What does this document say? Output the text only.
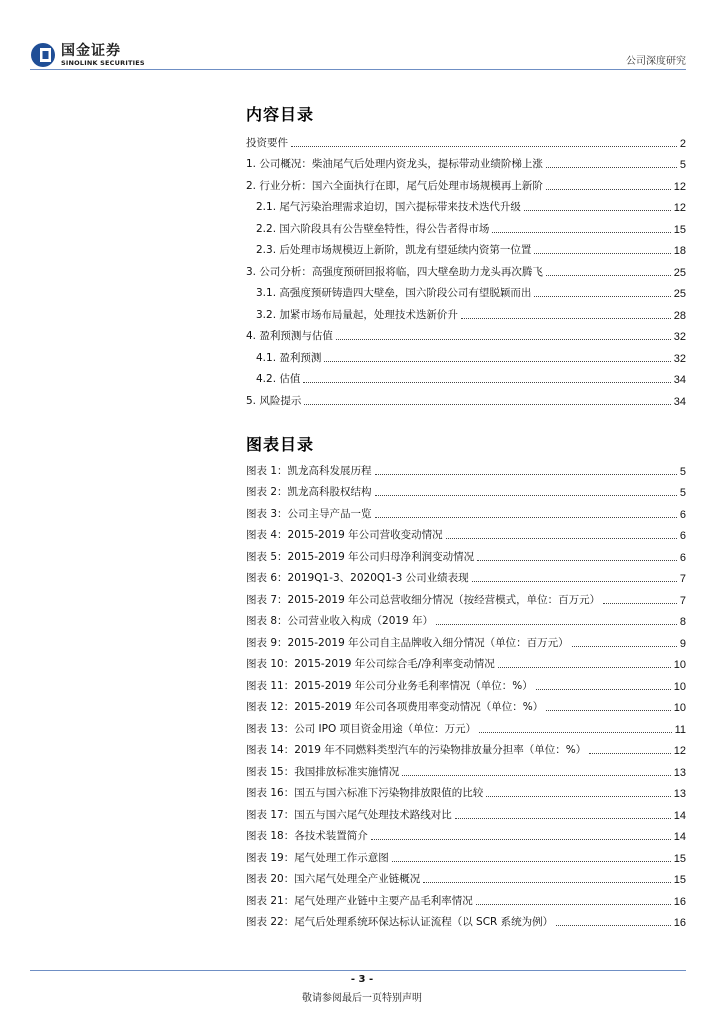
国金证券
SINOLINK SECURITIES	公司深度研究
内容目录
投资要件	2
1. 公司概况：柴油尾气后处理内资龙头，提标带动业绩阶梯上涨	5
2. 行业分析：国六全面执行在即，尾气后处理市场规模再上新阶	12
2.1. 尾气污染治理需求迫切，国六提标带来技术迭代升级	12
2.2. 国六阶段具有公告壁垒特性，得公告者得市场	15
2.3. 后处理市场规模迈上新阶，凯龙有望延续内资第一位置	18
3. 公司分析：高强度预研回报将临，四大壁垒助力龙头再次腾飞	25
3.1. 高强度预研铸造四大壁垒，国六阶段公司有望脱颖而出	25
3.2. 加紧市场布局量起，处理技术迭新价升	28
4. 盈利预测与估值	32
4.1. 盈利预测	32
4.2. 估值	34
5. 风险提示	34
图表目录
图表 1：凯龙高科发展历程	5
图表 2：凯龙高科股权结构	5
图表 3：公司主导产品一览	6
图表 4：2015-2019 年公司营收变动情况	6
图表 5：2015-2019 年公司归母净利润变动情况	6
图表 6：2019Q1-3、2020Q1-3 公司业绩表现	7
图表 7：2015-2019 年公司总营收细分情况（按经营模式，单位：百万元）	7
图表 8：公司营业收入构成（2019 年）	8
图表 9：2015-2019 年公司自主品牌收入细分情况（单位：百万元）	9
图表 10：2015-2019 年公司综合毛/净利率变动情况	10
图表 11：2015-2019 年公司分业务毛利率情况（单位：%）	10
图表 12：2015-2019 年公司各项费用率变动情况（单位：%）	10
图表 13：公司 IPO 项目资金用途（单位：万元）	11
图表 14：2019 年不同燃料类型汽车的污染物排放量分担率（单位：%）	12
图表 15：我国排放标准实施情况	13
图表 16：国五与国六标准下污染物排放限值的比较	13
图表 17：国五与国六尾气处理技术路线对比	14
图表 18：各技术装置简介	14
图表 19：尾气处理工作示意图	15
图表 20：国六尾气处理全产业链概况	15
图表 21：尾气处理产业链中主要产品毛利率情况	16
图表 22：尾气后处理系统环保达标认证流程（以 SCR 系统为例）	16
- 3 -
敬请参阅最后一页特别声明
